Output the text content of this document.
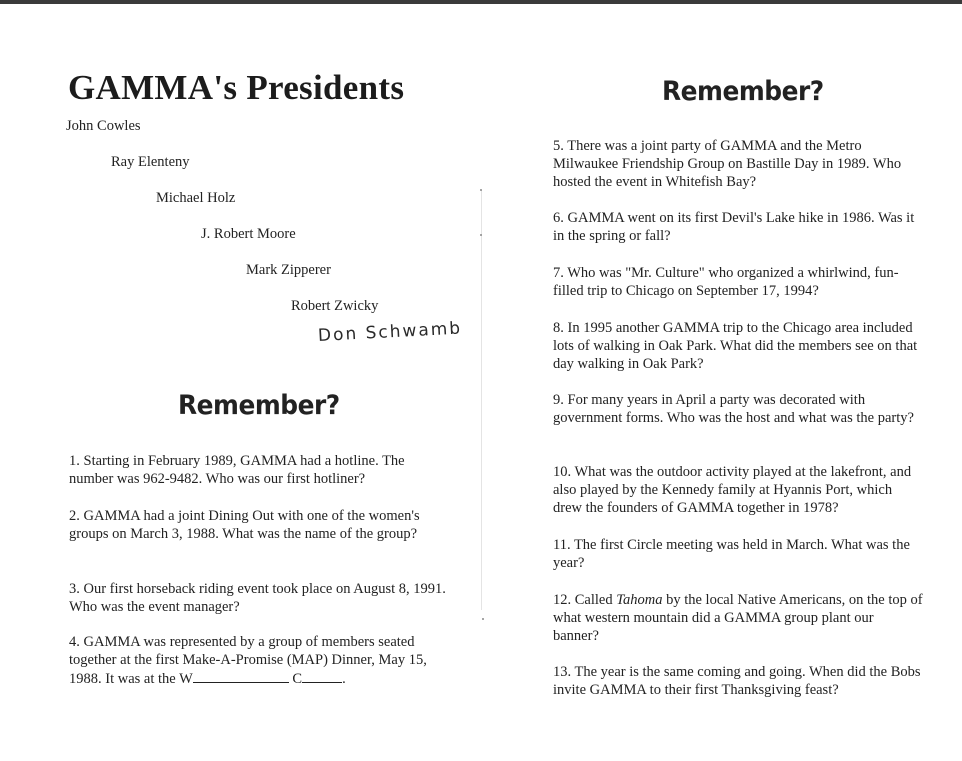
GAMMA's Presidents
John Cowles
Ray Elenteny
Michael Holz
J. Robert Moore
Mark Zipperer
Robert Zwicky
Don Schwamb
Remember?

1. Starting in February 1989, GAMMA had a hotline. The number was 962-9482. Who was our first hotliner?

2. GAMMA had a joint Dining Out with one of the women's groups on March 3, 1988. What was the name of the group?

3. Our first horseback riding event took place on August 8, 1991. Who was the event manager?

4. GAMMA was represented by a group of members seated together at the first Make-A-Promise (MAP) Dinner, May 15, 1988. It was at the W	C	.

Remember?

5. There was a joint party of GAMMA and the Metro Milwaukee Friendship Group on Bastille Day in 1989. Who hosted the event in Whitefish Bay?

6. GAMMA went on its first Devil's Lake hike in 1986. Was it in the spring or fall?

7. Who was "Mr. Culture" who organized a whirlwind, fun-filled trip to Chicago on September 17, 1994?

8. In 1995 another GAMMA trip to the Chicago area included lots of walking in Oak Park. What did the members see on that day walking in Oak Park?

9. For many years in April a party was decorated with government forms. Who was the host and what was the party?

10. What was the outdoor activity played at the lakefront, and also played by the Kennedy family at Hyannis Port, which drew the founders of GAMMA together in 1978?

11. The first Circle meeting was held in March. What was the year?

12. Called Tahoma by the local Native Americans, on the top of what western mountain did a GAMMA group plant our banner?

13. The year is the same coming and going. When did the Bobs invite GAMMA to their first Thanksgiving feast?
